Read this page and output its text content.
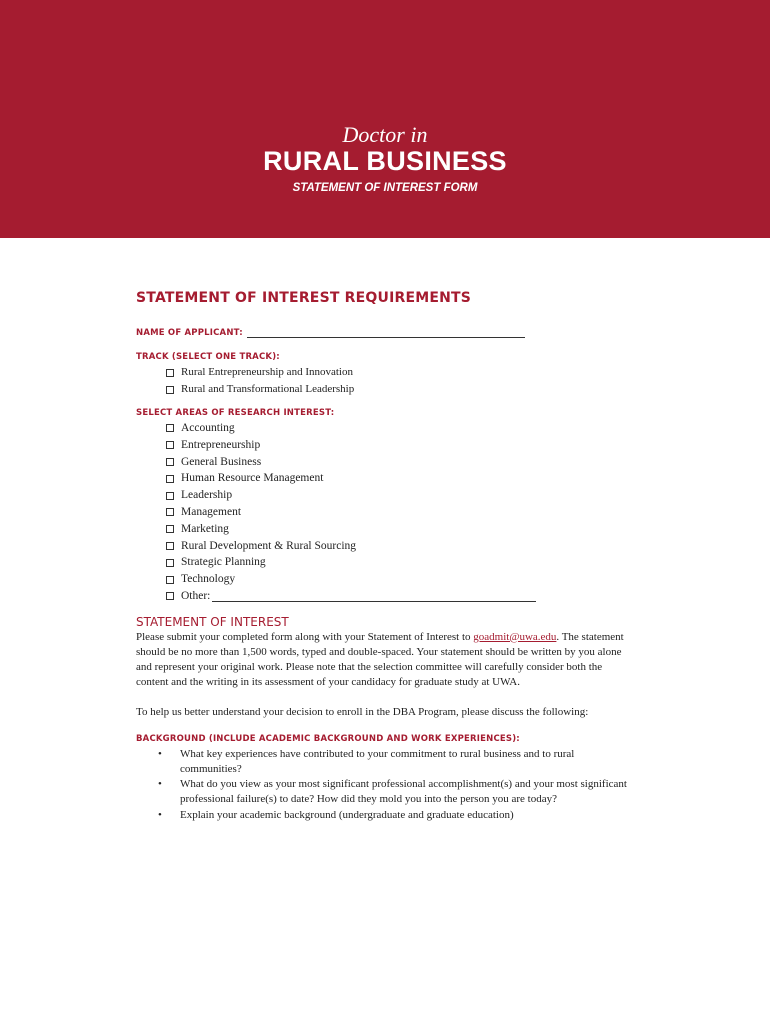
Doctor in
RURAL BUSINESS
STATEMENT OF INTEREST FORM
STATEMENT OF INTEREST REQUIREMENTS
NAME OF APPLICANT:
TRACK (SELECT ONE TRACK):
Rural Entrepreneurship and Innovation
Rural and Transformational Leadership
SELECT AREAS OF RESEARCH INTEREST:
Accounting
Entrepreneurship
General Business
Human Resource Management
Leadership
Management
Marketing
Rural Development & Rural Sourcing
Strategic Planning
Technology
Other:
STATEMENT OF INTEREST

Please submit your completed form along with your Statement of Interest to goadmit@uwa.edu. The statement should be no more than 1,500 words, typed and double-spaced. Your statement should be written by you alone and represent your original work. Please note that the selection committee will carefully consider both the content and the writing in its assessment of your candidacy for graduate study at UWA.

To help us better understand your decision to enroll in the DBA Program, please discuss the following:

BACKGROUND (INCLUDE ACADEMIC BACKGROUND AND WORK EXPERIENCES):
•	What key experiences have contributed to your commitment to rural business and to rural communities?
•	What do you view as your most significant professional accomplishment(s) and your most significant professional failure(s) to date? How did they mold you into the person you are today?
•	Explain your academic background (undergraduate and graduate education)
